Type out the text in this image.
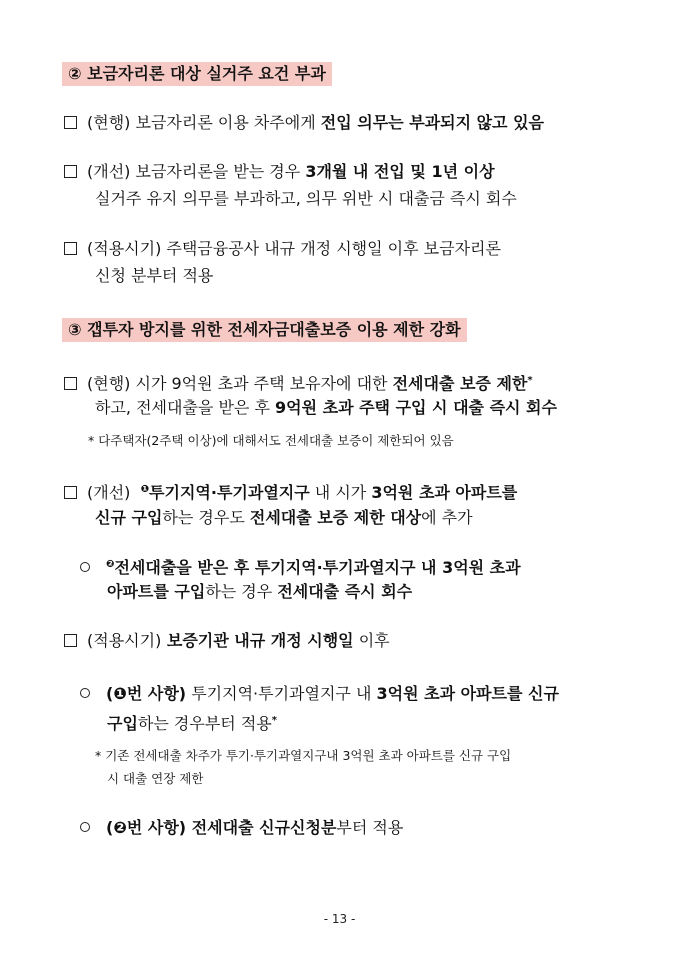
② 보금자리론 대상 실거주 요건 부과
(현행) 보금자리론 이용 차주에게 전입 의무는 부과되지 않고 있음
(개선) 보금자리론을 받는 경우 3개월 내 전입 및 1년 이상
실거주 유지 의무를 부과하고, 의무 위반 시 대출금 즉시 회수
(적용시기) 주택금융공사 내규 개정 시행일 이후 보금자리론
신청 분부터 적용
③ 갭투자 방지를 위한 전세자금대출보증 이용 제한 강화
(현행) 시가 9억원 초과 주택 보유자에 대한 전세대출 보증 제한*
하고, 전세대출을 받은 후 9억원 초과 주택 구입 시 대출 즉시 회수
* 다주택자(2주택 이상)에 대해서도 전세대출 보증이 제한되어 있음
(개선) $^❶$투기지역·투기과열지구 내 시가 3억원 초과 아파트를
신규 구입하는 경우도 전세대출 보증 제한 대상에 추가
$^❷$전세대출을 받은 후 투기지역·투기과열지구 내 3억원 초과
아파트를 구입하는 경우 전세대출 즉시 회수
(적용시기) 보증기관 내규 개정 시행일 이후
(❶번 사항) 투기지역·투기과열지구 내 3억원 초과 아파트를 신규
구입하는 경우부터 적용*
* 기존 전세대출 차주가 투기·투기과열지구내 3억원 초과 아파트를 신규 구입
시 대출 연장 제한
(❷번 사항) 전세대출 신규신청분부터 적용
- 13 -
